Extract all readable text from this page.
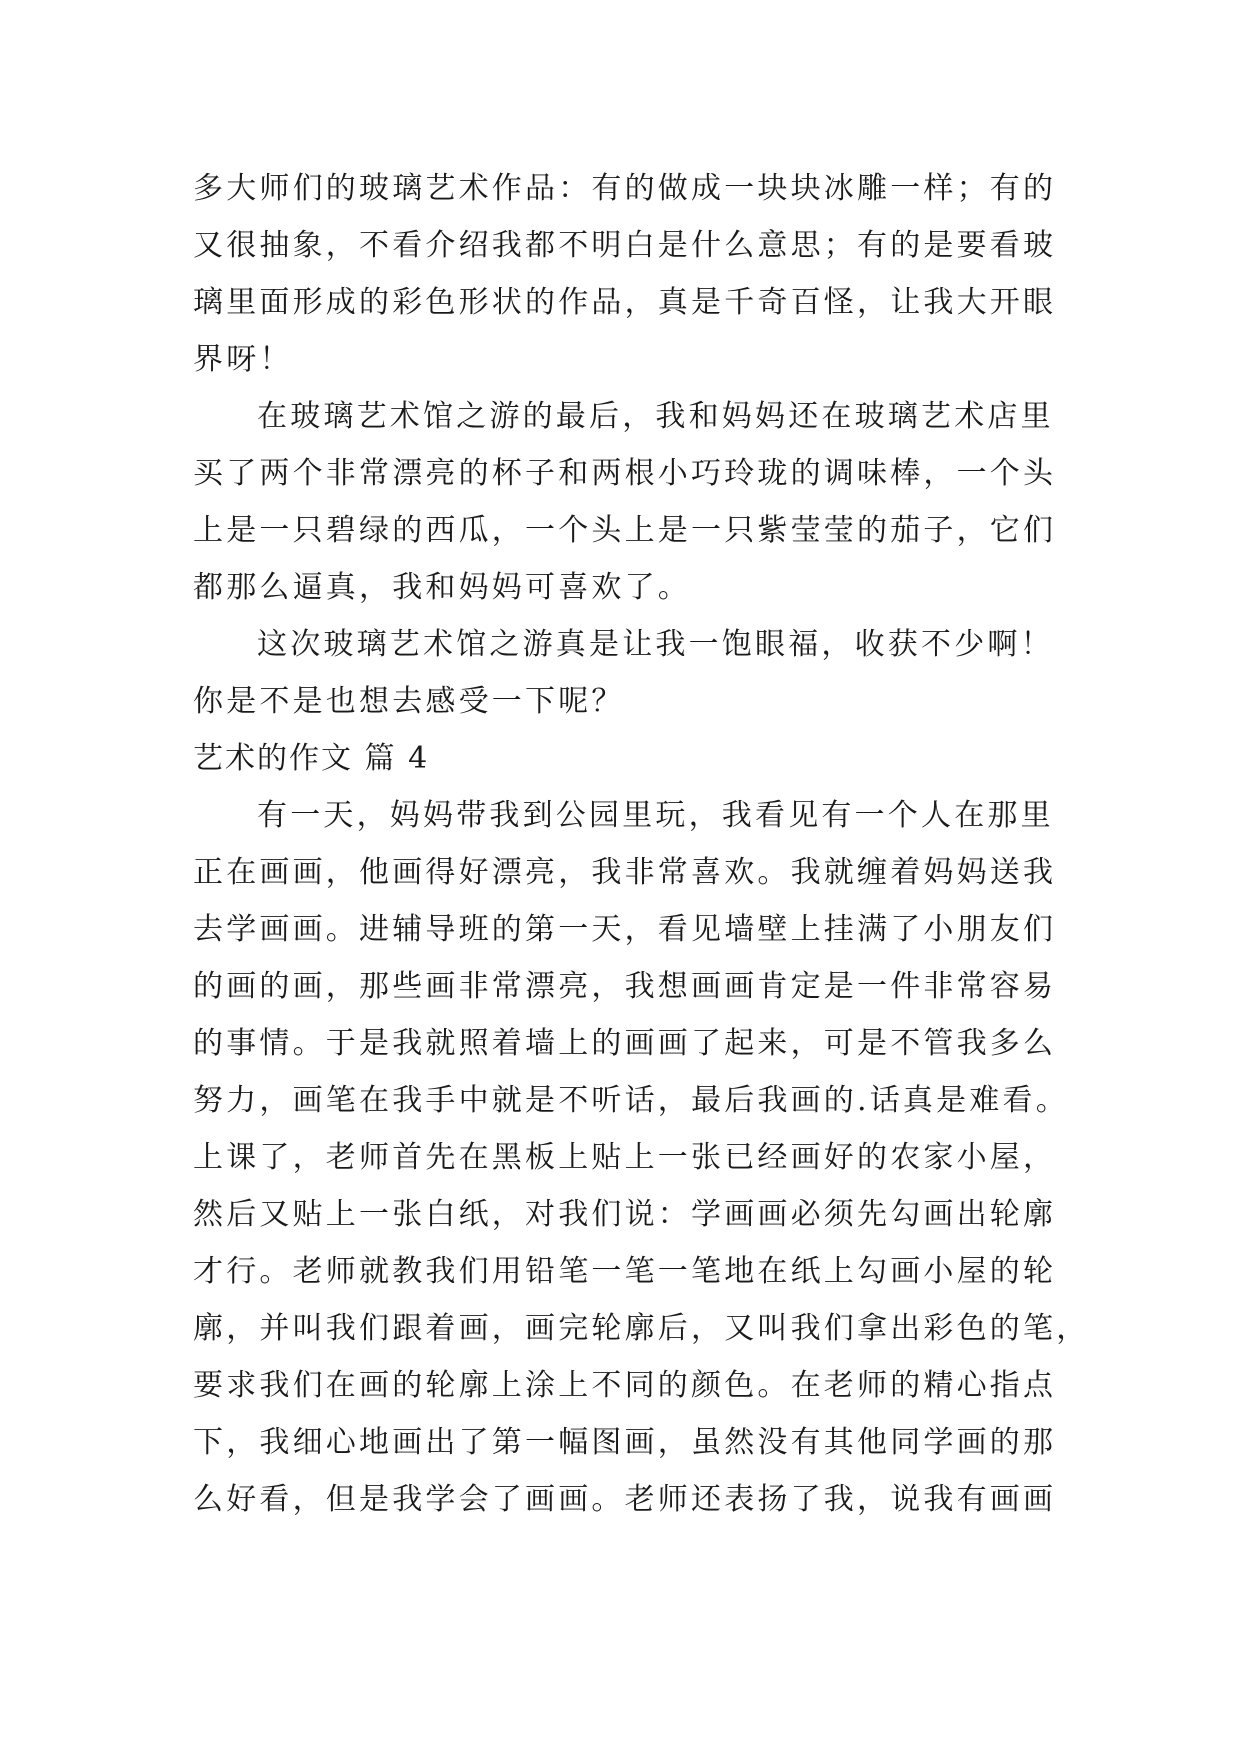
多大师们的玻璃艺术作品：有的做成一块块冰雕一样；有的
又很抽象，不看介绍我都不明白是什么意思；有的是要看玻
璃里面形成的彩色形状的作品，真是千奇百怪，让我大开眼
界呀！
在玻璃艺术馆之游的最后，我和妈妈还在玻璃艺术店里
买了两个非常漂亮的杯子和两根小巧玲珑的调味棒，一个头
上是一只碧绿的西瓜，一个头上是一只紫莹莹的茄子，它们
都那么逼真，我和妈妈可喜欢了。
这次玻璃艺术馆之游真是让我一饱眼福，收获不少啊！
你是不是也想去感受一下呢？
艺术的作文 篇 4
有一天，妈妈带我到公园里玩，我看见有一个人在那里
正在画画，他画得好漂亮，我非常喜欢。我就缠着妈妈送我
去学画画。进辅导班的第一天，看见墙壁上挂满了小朋友们
的画的画，那些画非常漂亮，我想画画肯定是一件非常容易
的事情。于是我就照着墙上的画画了起来，可是不管我多么
努力，画笔在我手中就是不听话，最后我画的.话真是难看。
上课了，老师首先在黑板上贴上一张已经画好的农家小屋，
然后又贴上一张白纸，对我们说：学画画必须先勾画出轮廓
才行。老师就教我们用铅笔一笔一笔地在纸上勾画小屋的轮
廓，并叫我们跟着画，画完轮廓后，又叫我们拿出彩色的笔，
要求我们在画的轮廓上涂上不同的颜色。在老师的精心指点
下，我细心地画出了第一幅图画，虽然没有其他同学画的那
么好看，但是我学会了画画。老师还表扬了我，说我有画画
